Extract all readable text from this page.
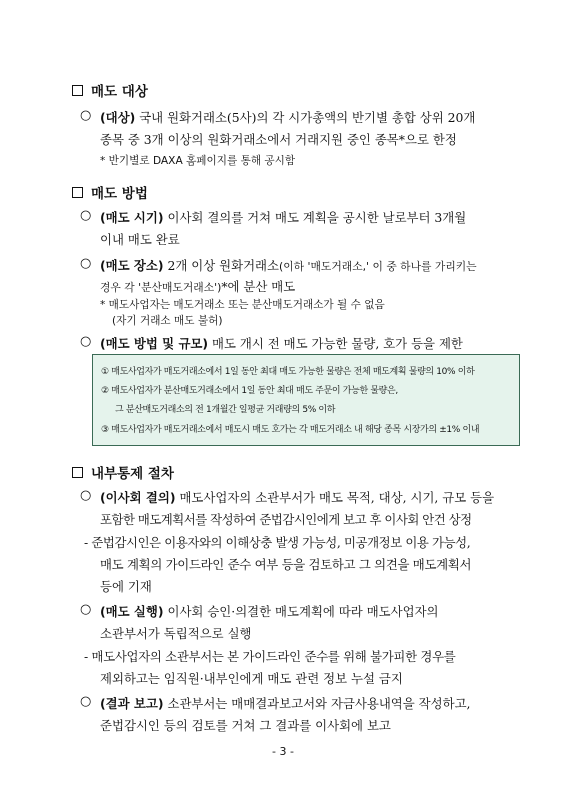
매도 대상
○ (대상) 국내 원화거래소(5사)의 각 시가총액의 반기별 총합 상위 20개
종목 중 3개 이상의 원화거래소에서 거래지원 중인 종목*으로 한정
* 반기별로 DAXA 홈페이지를 통해 공시함
매도 방법
○ (매도 시기) 이사회 결의를 거쳐 매도 계획을 공시한 날로부터 3개월
이내 매도 완료
○ (매도 장소) 2개 이상 원화거래소(이하 '매도거래소,' 이 중 하나를 가리키는
경우 각 '분산매도거래소')*에 분산 매도
* 매도사업자는 매도거래소 또는 분산매도거래소가 될 수 없음
(자기 거래소 매도 불허)
○ (매도 방법 및 규모) 매도 개시 전 매도 가능한 물량, 호가 등을 제한
① 매도사업자가 매도거래소에서 1일 동안 최대 매도 가능한 물량은 전체 매도계획 물량의 10% 이하
② 매도사업자가 분산매도거래소에서 1일 동안 최대 매도 주문이 가능한 물량은,
그 분산매도거래소의 전 1개월간 일평균 거래량의 5% 이하
③ 매도사업자가 매도거래소에서 매도시 매도 호가는 각 매도거래소 내 해당 종목 시장가의 ±1% 이내
내부통제 절차
○ (이사회 결의) 매도사업자의 소관부서가 매도 목적, 대상, 시기, 규모 등을
포함한 매도계획서를 작성하여 준법감시인에게 보고 후 이사회 안건 상정
- 준법감시인은 이용자와의 이해상충 발생 가능성, 미공개정보 이용 가능성,
매도 계획의 가이드라인 준수 여부 등을 검토하고 그 의견을 매도계획서
등에 기재
○ (매도 실행) 이사회 승인·의결한 매도계획에 따라 매도사업자의
소관부서가 독립적으로 실행
- 매도사업자의 소관부서는 본 가이드라인 준수를 위해 불가피한 경우를
제외하고는 임직원·내부인에게 매도 관련 정보 누설 금지
○ (결과 보고) 소관부서는 매매결과보고서와 자금사용내역을 작성하고,
준법감시인 등의 검토를 거쳐 그 결과를 이사회에 보고
- 3 -
